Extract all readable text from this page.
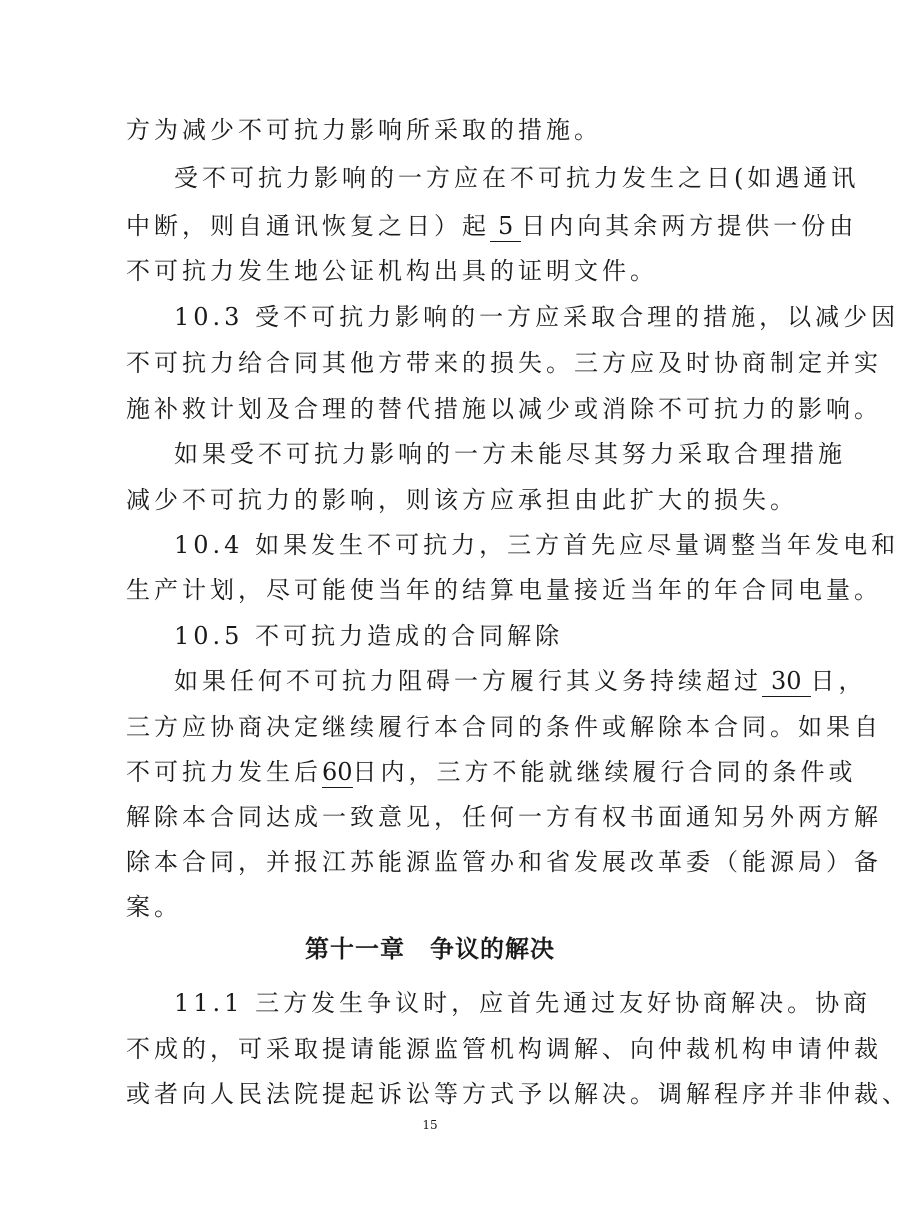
方为减少不可抗力影响所采取的措施。
受不可抗力影响的一方应在不可抗力发生之日(如遇通讯
中断，则自通讯恢复之日）起 5 日内向其余两方提供一份由
不可抗力发生地公证机构出具的证明文件。
10.3 受不可抗力影响的一方应采取合理的措施，以减少因
不可抗力给合同其他方带来的损失。三方应及时协商制定并实
施补救计划及合理的替代措施以减少或消除不可抗力的影响。
如果受不可抗力影响的一方未能尽其努力采取合理措施
减少不可抗力的影响，则该方应承担由此扩大的损失。
10.4 如果发生不可抗力，三方首先应尽量调整当年发电和
生产计划，尽可能使当年的结算电量接近当年的年合同电量。
10.5 不可抗力造成的合同解除
如果任何不可抗力阻碍一方履行其义务持续超过 30 日，
三方应协商决定继续履行本合同的条件或解除本合同。如果自
不可抗力发生后60日内，三方不能就继续履行合同的条件或
解除本合同达成一致意见，任何一方有权书面通知另外两方解
除本合同，并报江苏能源监管办和省发展改革委（能源局）备
案。
第十一章　争议的解决
11.1 三方发生争议时，应首先通过友好协商解决。协商
不成的，可采取提请能源监管机构调解、向仲裁机构申请仲裁
或者向人民法院提起诉讼等方式予以解决。调解程序并非仲裁、
15
